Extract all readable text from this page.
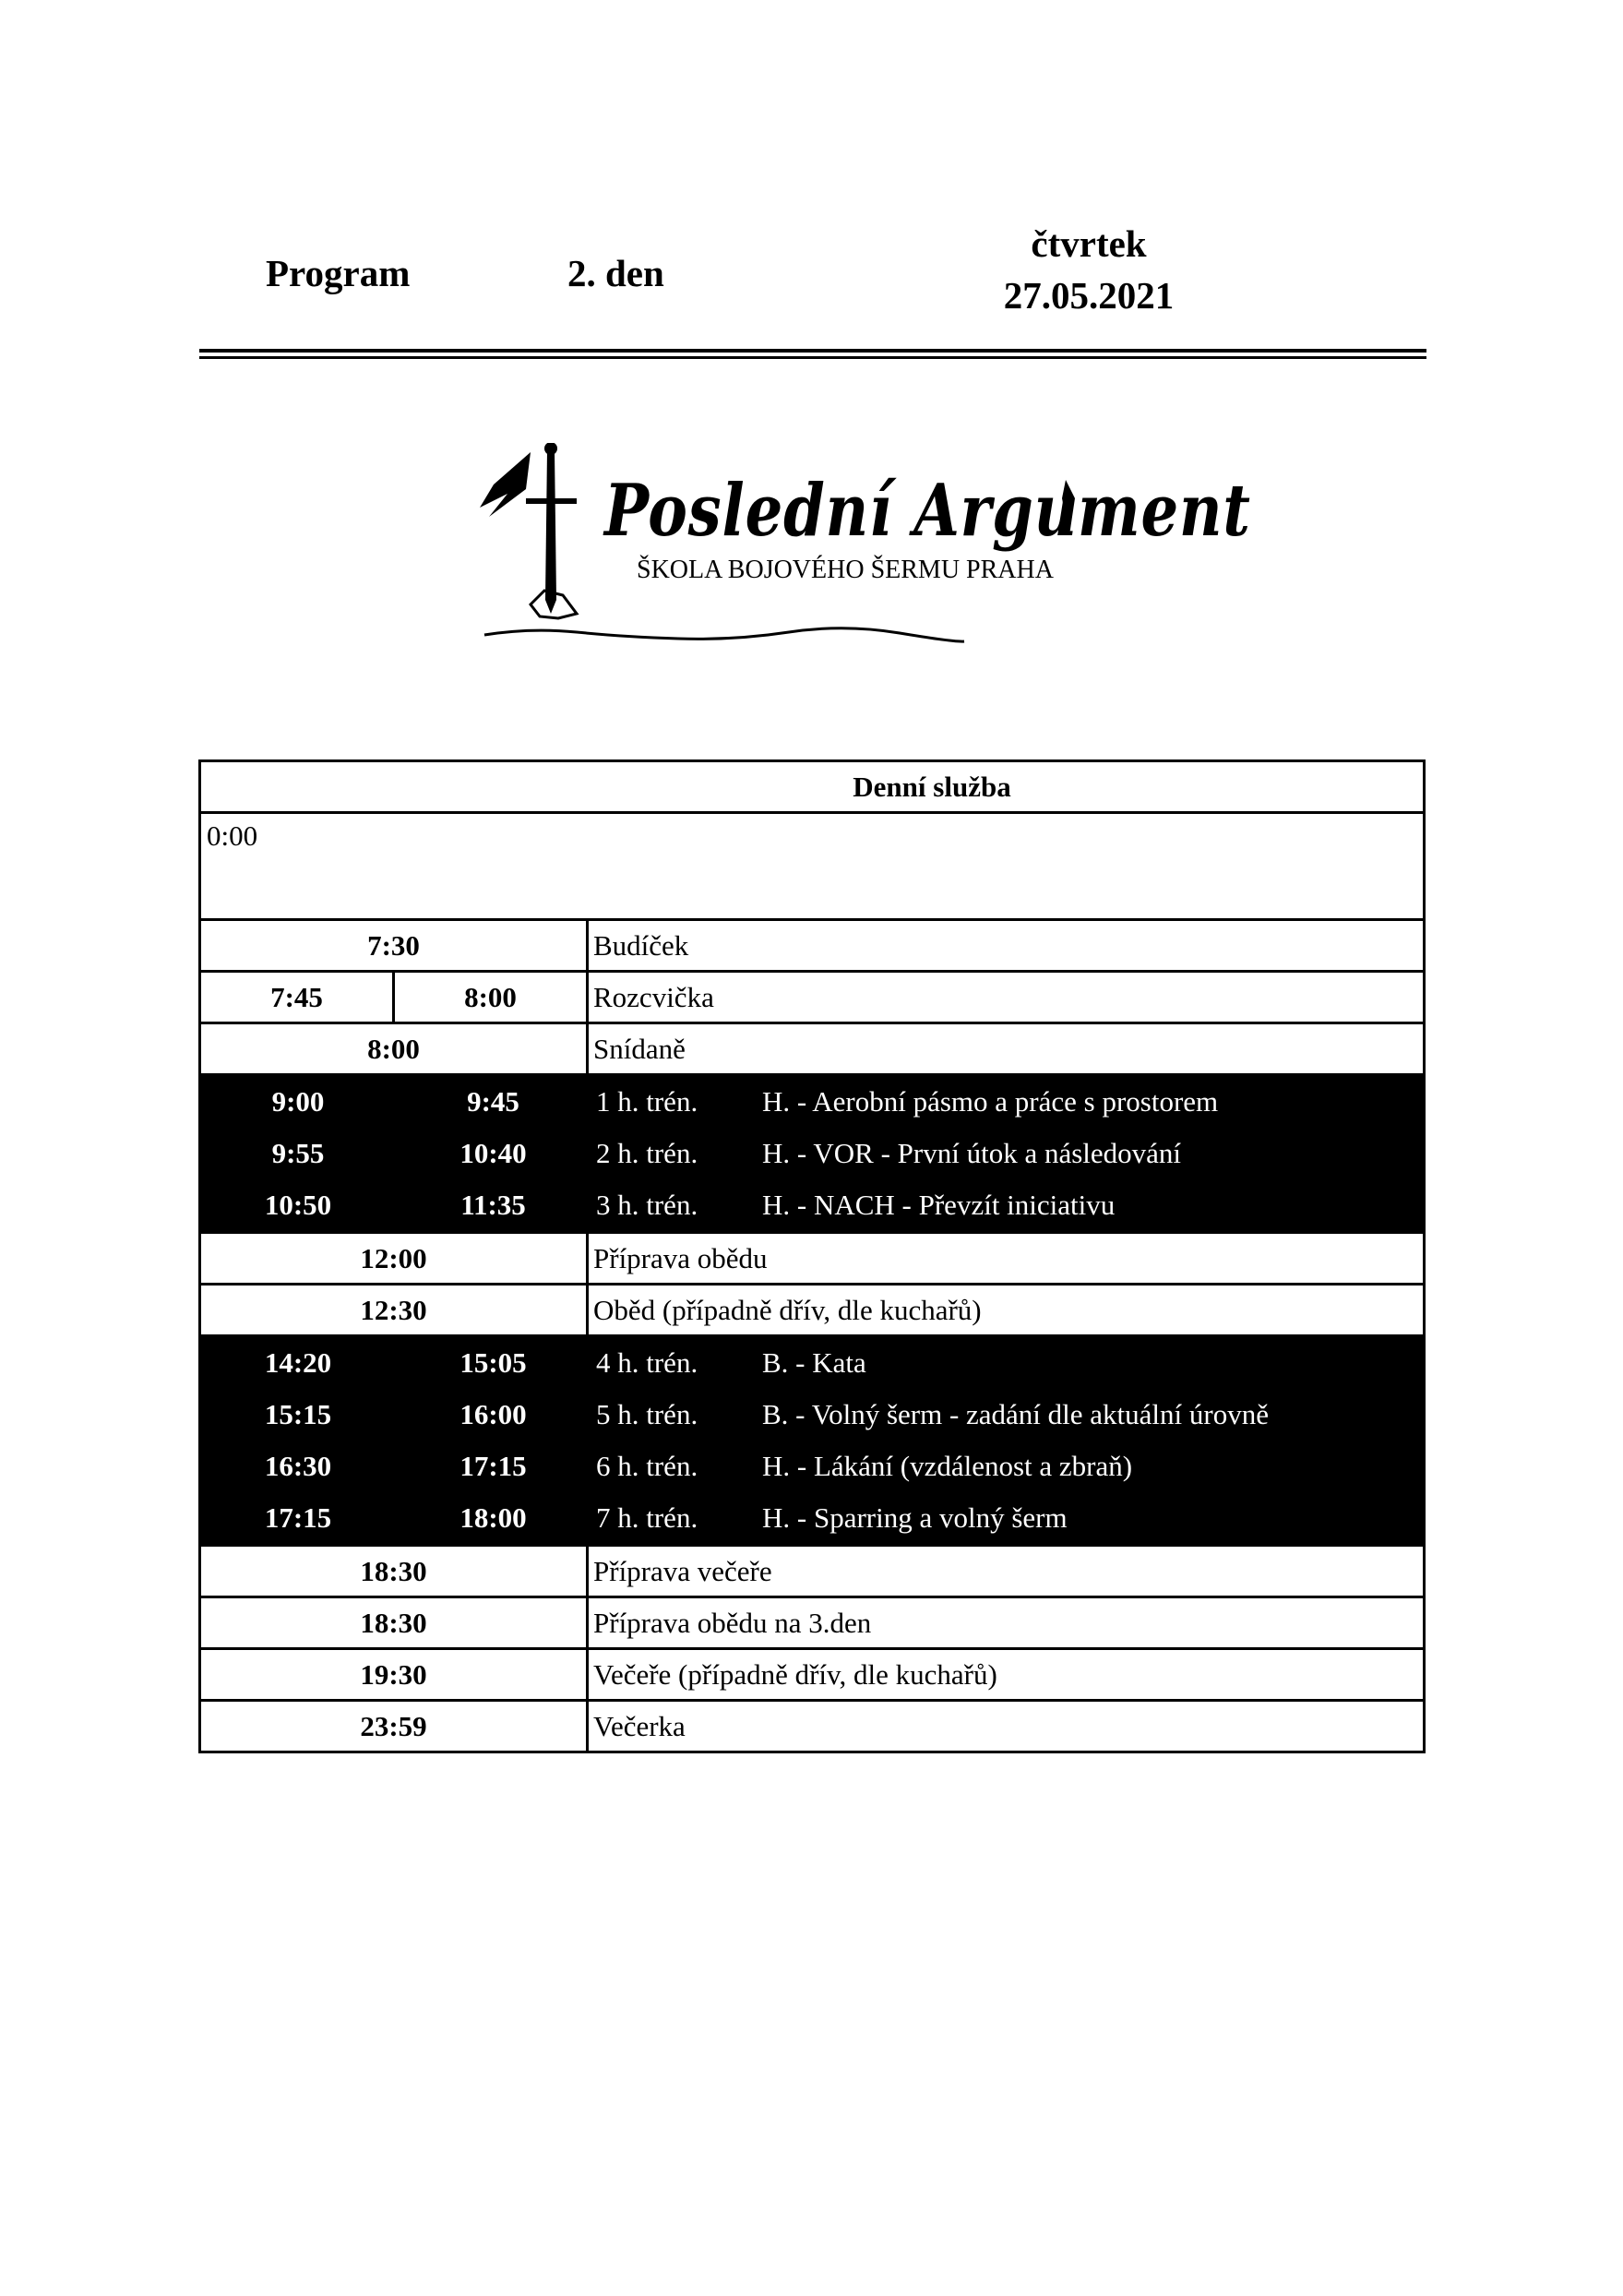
Program	2. den
čtvrtek
27.05.2021
Poslední Argument
ŠKOLA BOJOVÉHO ŠERMU PRAHA
Denní služba
0:00
7:30	Budíček
7:45	8:00	Rozcvička
8:00	Snídaně
9:00	9:45	1 h. trén.	H. - Aerobní pásmo a práce s prostorem
9:55	10:40	2 h. trén.	H. - VOR - První útok a následování
10:50	11:35	3 h. trén.	H. - NACH - Převzít iniciativu
12:00	Příprava obědu
12:30	Oběd (případně dřív, dle kuchařů)
14:20	15:05	4 h. trén.	B. - Kata
15:15	16:00	5 h. trén.	B. - Volný šerm - zadání dle aktuální úrovně
16:30	17:15	6 h. trén.	H. - Lákání (vzdálenost a zbraň)
17:15	18:00	7 h. trén.	H. - Sparring a volný šerm
18:30	Příprava večeře
18:30	Příprava obědu na 3.den
19:30	Večeře (případně dřív, dle kuchařů)
23:59	Večerka
